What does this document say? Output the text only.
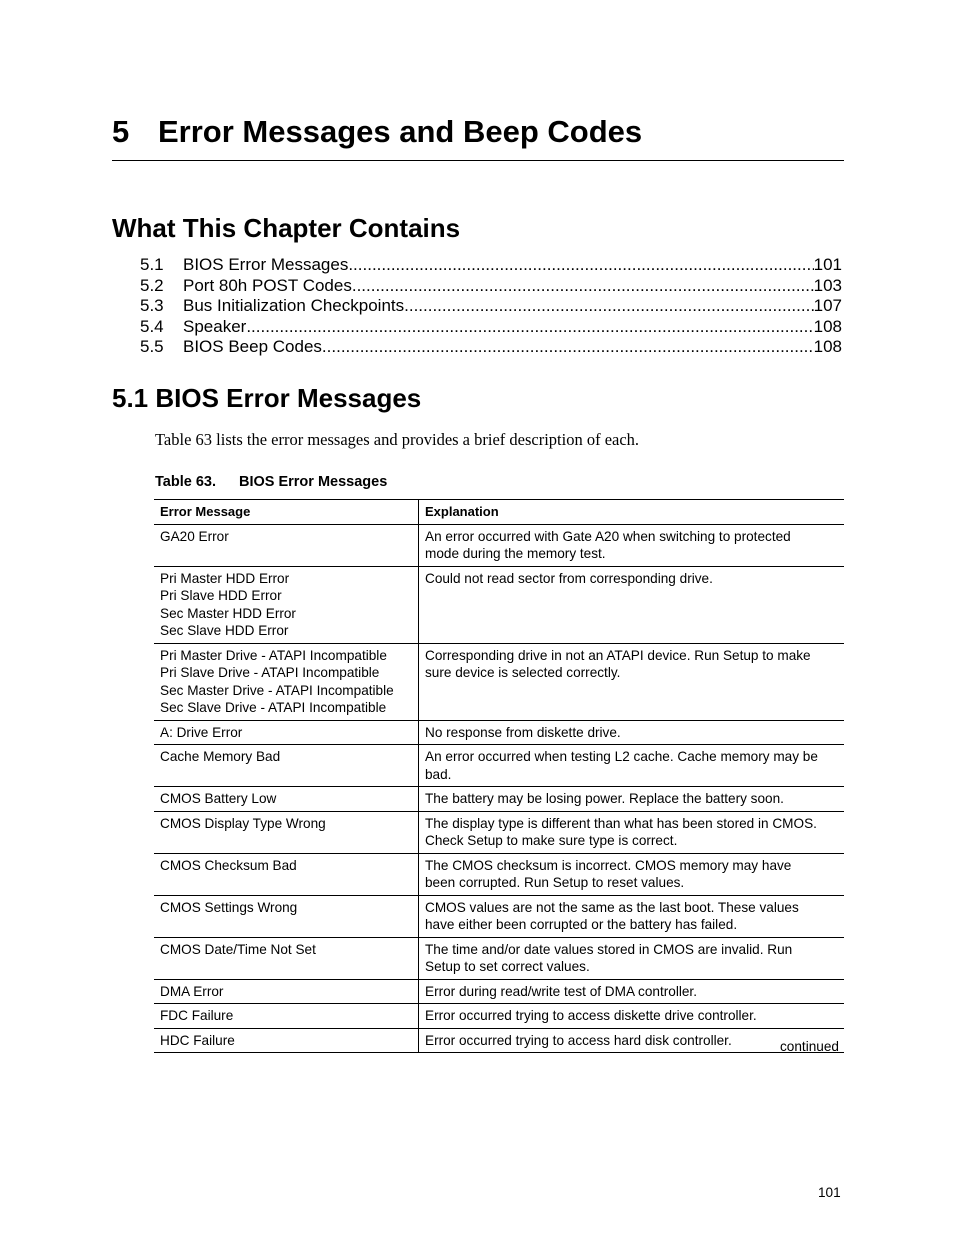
5 Error Messages and Beep Codes
What This Chapter Contains
5.1	BIOS Error Messages .....	101
5.2	Port 80h POST Codes .....	103
5.3	Bus Initialization Checkpoints .....	107
5.4	Speaker .....	108
5.5	BIOS Beep Codes .....	108
5.1 BIOS Error Messages

Table 63 lists the error messages and provides a brief description of each.

Table 63. BIOS Error Messages

Error Message	Explanation

GA20 Error	An error occurred with Gate A20 when switching to protected
mode during the memory test.

Pri Master HDD Error
Pri Slave HDD Error
Sec Master HDD Error
Sec Slave HDD Error	Could not read sector from corresponding drive.

Pri Master Drive - ATAPI Incompatible
Pri Slave Drive - ATAPI Incompatible
Sec Master Drive - ATAPI Incompatible
Sec Slave Drive - ATAPI Incompatible	Corresponding drive in not an ATAPI device. Run Setup to make
sure device is selected correctly.

A: Drive Error	No response from diskette drive.

Cache Memory Bad	An error occurred when testing L2 cache. Cache memory may be
bad.

CMOS Battery Low	The battery may be losing power. Replace the battery soon.

CMOS Display Type Wrong	The display type is different than what has been stored in CMOS.
Check Setup to make sure type is correct.

CMOS Checksum Bad	The CMOS checksum is incorrect. CMOS memory may have
been corrupted. Run Setup to reset values.

CMOS Settings Wrong	CMOS values are not the same as the last boot. These values
have either been corrupted or the battery has failed.

CMOS Date/Time Not Set	The time and/or date values stored in CMOS are invalid. Run
Setup to set correct values.

DMA Error	Error during read/write test of DMA controller.

FDC Failure	Error occurred trying to access diskette drive controller.

HDC Failure	Error occurred trying to access hard disk controller.	continued

101
